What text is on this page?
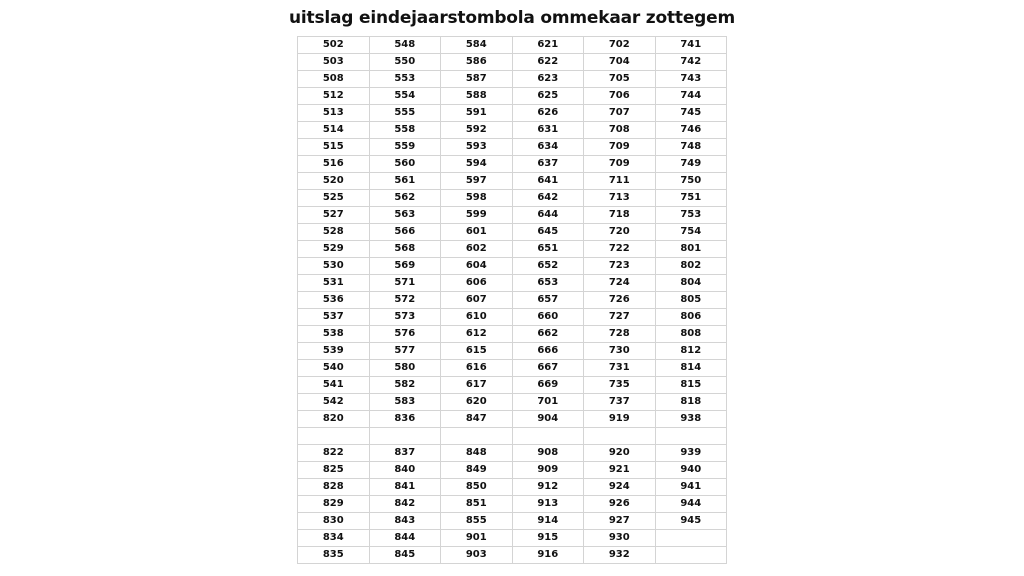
uitslag eindejaarstombola ommekaar zottegem
502	548	584	621	702	741
503	550	586	622	704	742
508	553	587	623	705	743
512	554	588	625	706	744
513	555	591	626	707	745
514	558	592	631	708	746
515	559	593	634	709	748
516	560	594	637	709	749
520	561	597	641	711	750
525	562	598	642	713	751
527	563	599	644	718	753
528	566	601	645	720	754
529	568	602	651	722	801
530	569	604	652	723	802
531	571	606	653	724	804
536	572	607	657	726	805
537	573	610	660	727	806
538	576	612	662	728	808
539	577	615	666	730	812
540	580	616	667	731	814
541	582	617	669	735	815
542	583	620	701	737	818
820	836	847	904	919	938

822	837	848	908	920	939
825	840	849	909	921	940
828	841	850	912	924	941
829	842	851	913	926	944
830	843	855	914	927	945
834	844	901	915	930	
835	845	903	916	932	
